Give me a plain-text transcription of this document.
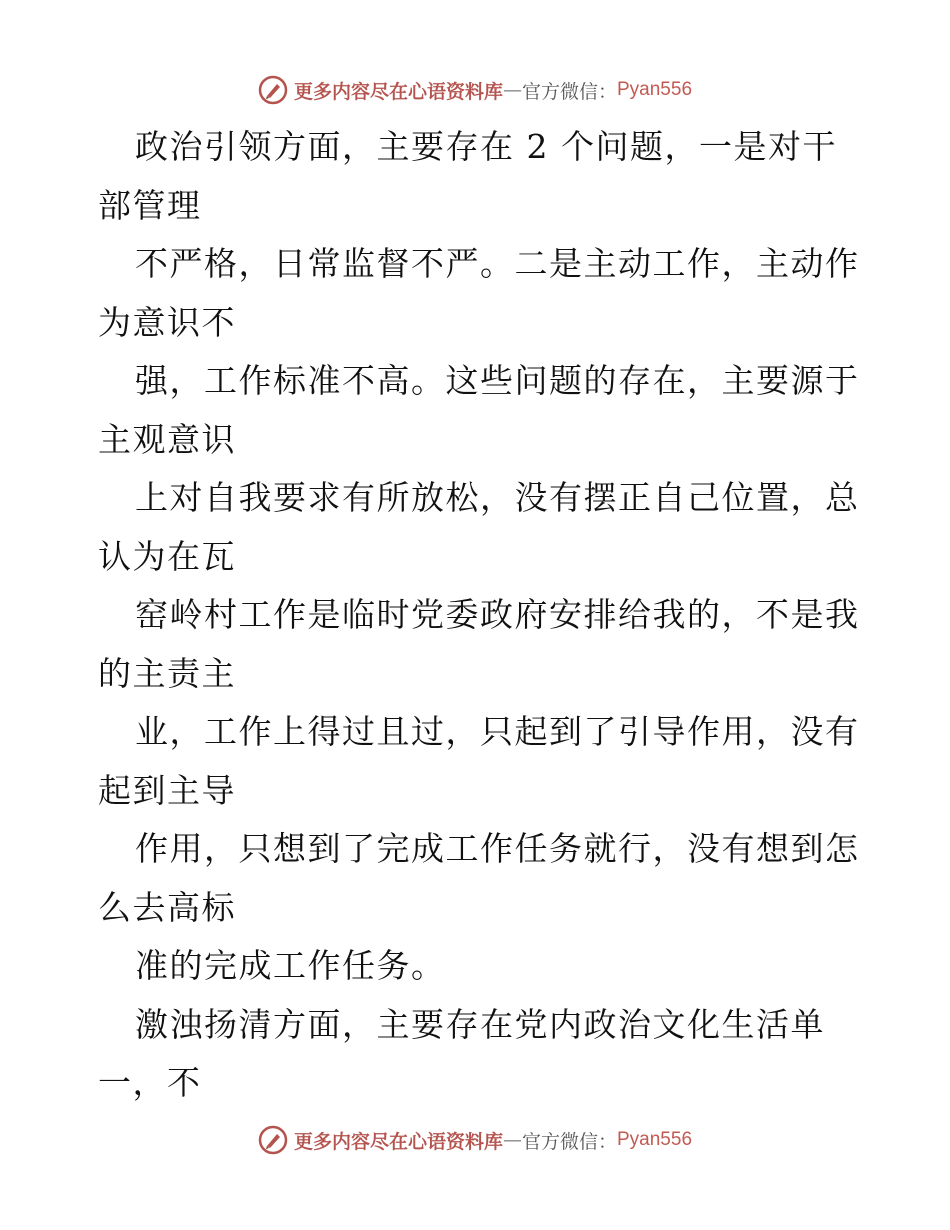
更多内容尽在心语资料库 — 官方微信： Pyan556
政治引领方面，主要存在 2 个问题，一是对干
部管理
不严格，日常监督不严。二是主动工作，主动作
为意识不
强，工作标准不高。这些问题的存在，主要源于
主观意识
上对自我要求有所放松，没有摆正自己位置，总
认为在瓦
窑岭村工作是临时党委政府安排给我的，不是我
的主责主
业，工作上得过且过，只起到了引导作用，没有
起到主导
作用，只想到了完成工作任务就行，没有想到怎
么去高标
准的完成工作任务。
激浊扬清方面，主要存在党内政治文化生活单
一，不
更多内容尽在心语资料库 — 官方微信： Pyan556
